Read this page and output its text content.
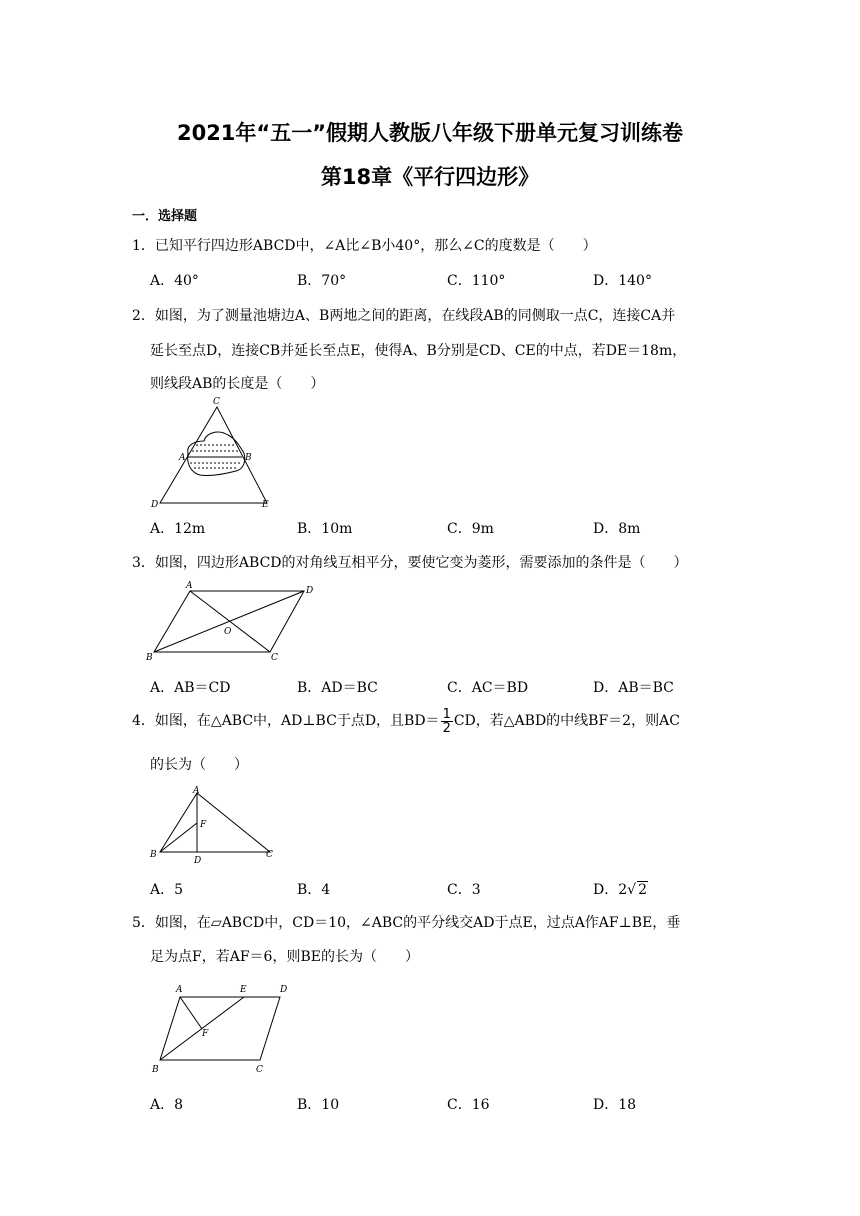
2021年“五一”假期人教版八年级下册单元复习训练卷
第18章《平行四边形》
一．选择题
1．已知平行四边形ABCD中，∠A比∠B小40°，那么∠C的度数是（　　）
A．40°	B．70°	C．110°	D．140°
2．如图，为了测量池塘边A、B两地之间的距离，在线段AB的同侧取一点C，连接CA并
延长至点D，连接CB并延长至点E，使得A、B分别是CD、CE的中点，若DE＝18m，
则线段AB的长度是（　　）
C
A	B
D	E
A．12m	B．10m	C．9m	D．8m
3．如图，四边形ABCD的对角线互相平分，要使它变为菱形，需要添加的条件是（　　）
A	D
O
B	C
A．AB＝CD	B．AD＝BC	C．AC＝BD	D．AB＝BC
4．如图，在△ABC中，AD⊥BC于点D，且$BD= \frac{1}{2}$ CD，若△ABD的中线BF＝2，则AC
的长为（　　）
A
F
B
D
C
A．5	B．4	C．3	D．2√ 2
5．如图，在▱ABCD中，CD＝10，∠ABC的平分线交AD于点E，过点A作AF⊥BE，垂
足为点F，若AF＝6，则BE的长为（　　）
A	E	D
F
B	C
A．8	B．10	C．16	D．18
